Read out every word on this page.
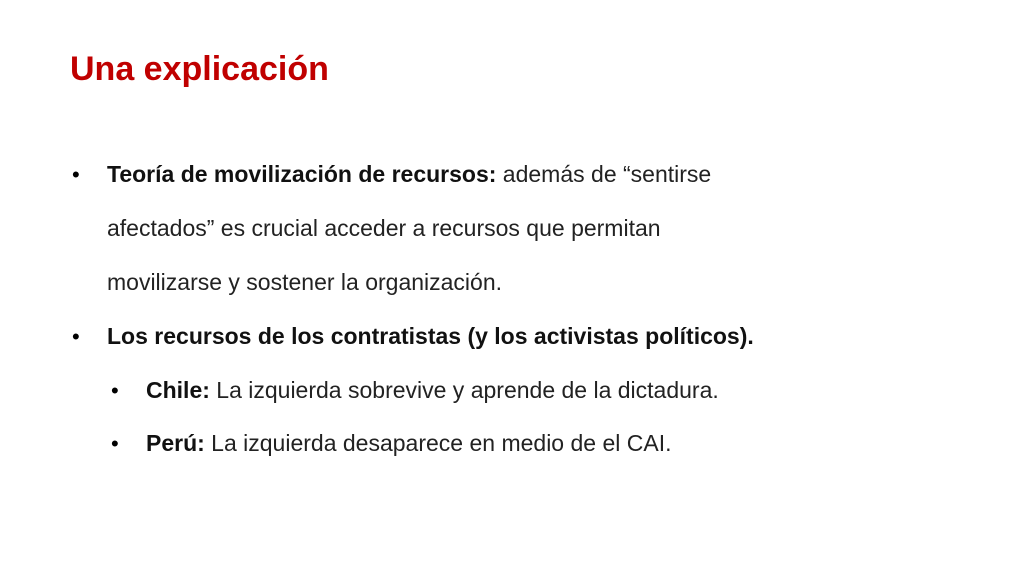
Una explicación
• Teoría de movilización de recursos: además de “sentirse
afectados” es crucial acceder a recursos que permitan
movilizarse y sostener la organización.
• Los recursos de los contratistas (y los activistas políticos).
• Chile: La izquierda sobrevive y aprende de la dictadura.
• Perú: La izquierda desaparece en medio de el CAI.
